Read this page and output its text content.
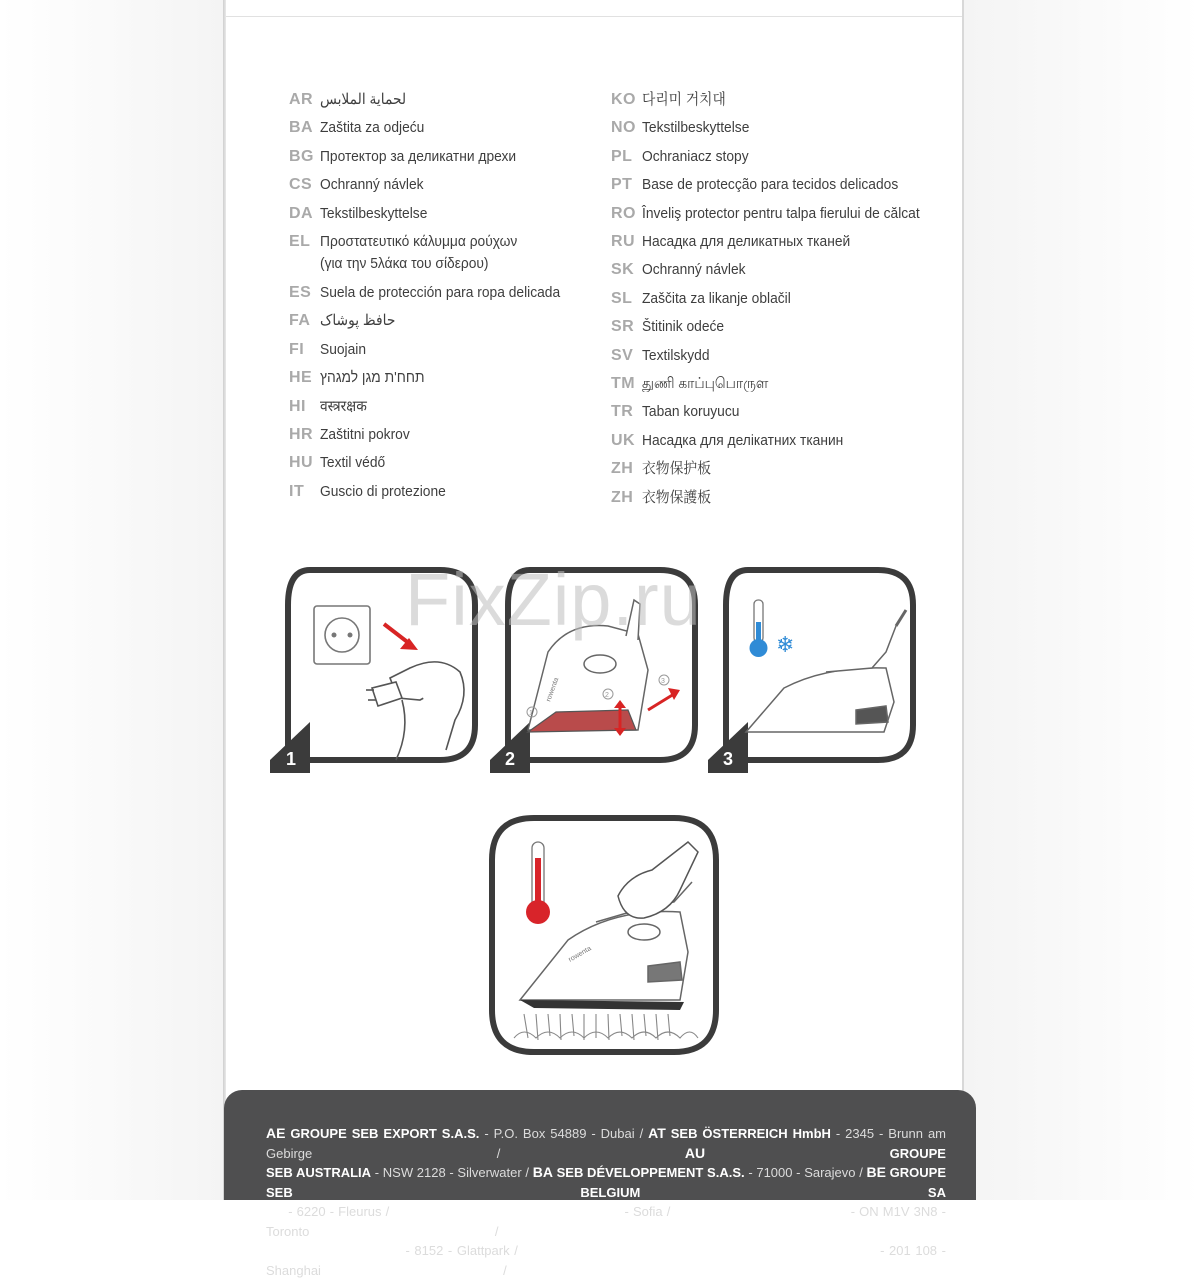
AR لحماية الملابس
BA Zaštita za odjeću
BG Протектор за деликатни дрехи
CS Ochranný návlek
DA Tekstilbeskyttelse
EL Προστατευτικό κάλυμμα ρούχων
(για την 5λάκα του σίδερου)
ES Suela de protección para ropa delicada
FA حافظ پوشاک
FI	Suojain
HE תחח'ת מגן למגהץ
HI वस्त्ररक्षक
HR Zaštitni pokrov
HU Textil védő
IT	Guscio di protezione
KO 다리미 거치대
NO Tekstilbeskyttelse
PL Ochraniacz stopy
PT Base de protecção para tecidos delicados
RO Înveliş protector pentru talpa fierului de călcat
RU Насадка для деликатных тканей
SK Ochranný návlek
SL Zaščita za likanje oblačil
SR Štitinik odeće
SV Textilskydd
TM துணி காப்புபொருள
TR Taban koruyucu
UK Насадка для делікатних тканин
ZH 衣物保护板
ZH 衣物保護板
1	2
rowenta
1
2
3
3
❄
rowenta
FixZip.ru
AE GROUPE SEB EXPORT S.A.S. - P.O. Box 54889 - Dubai / AT SEB ÖSTERREICH HmbH - 2345 - Brunn am Gebirge / AU	GROUPE
SEB AUSTRALIA - NSW 2128 - Silverwater / BA SEB DÉVELOPPEMENT S.A.S. - 71000 - Sarajevo / BE GROUPE SEB BELGIUM SA
NV - 6220 - Fleurus / BG GROUPE SEB BULGARIA EOOD - Sofia / CA GROUPE SEB CANADA - ON M1V 3N8 - Toronto / CH	GROUPE
SEB SCHWEIZ GmbH - 8152 - Glattpark / CN SHANGHAI SEB ELECTRICAL APPLIANCES CO LTD - 201 108 - Shanghai / CZ	GROUPE
